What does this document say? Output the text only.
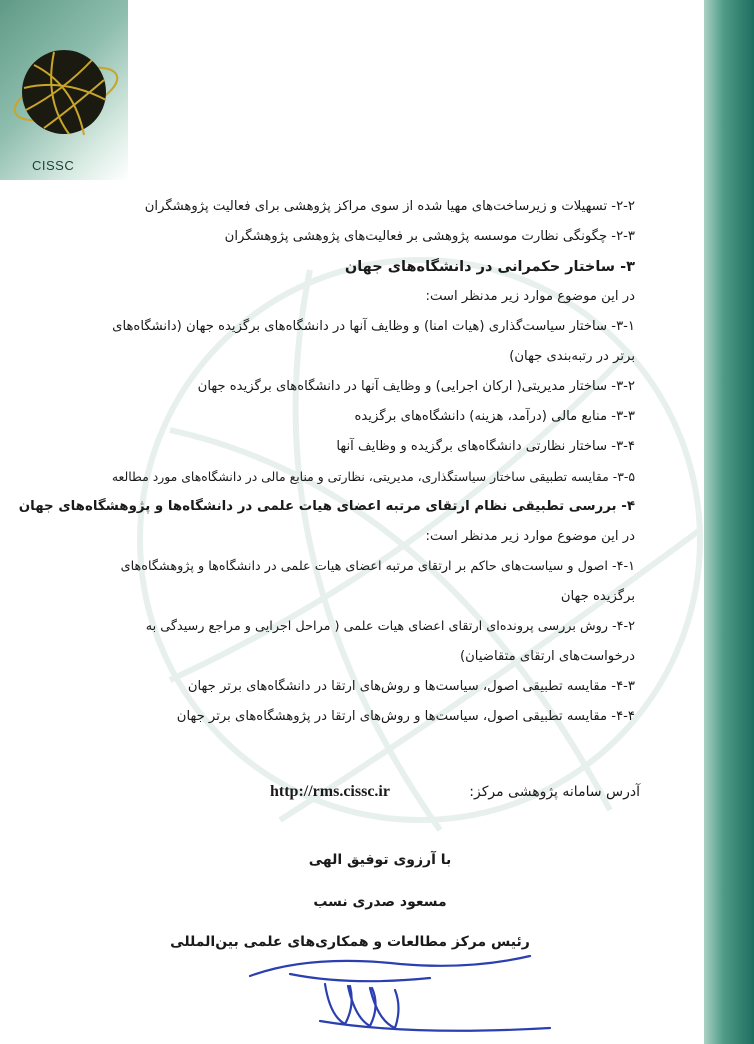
CISSC
۲-۲- تسهیلات و زیرساخت‌های مهیا شده از سوی مراکز پژوهشی برای فعالیت پژوهشگران
۲-۳- چگونگی نظارت موسسه پژوهشی بر فعالیت‌های پژوهشی پژوهشگران
۳- ساختار حکمرانی در دانشگاه‌های جهان
در این موضوع موارد زیر مدنظر است:
۳-۱- ساختار سیاست‌گذاری (هیات امنا) و وظایف آنها در دانشگاه‌های برگزیده جهان (دانشگاه‌های
برتر در رتبه‌بندی جهان)
۳-۲- ساختار مدیریتی( ارکان اجرایی) و وظایف آنها در دانشگاه‌های برگزیده جهان
۳-۳- منابع مالی (درآمد، هزینه) دانشگاه‌های برگزیده
۳-۴- ساختار نظارتی دانشگاه‌های برگزیده و وظایف آنها
۳-۵- مقایسه تطبیقی ساختار سیاستگذاری، مدیریتی، نظارتی و منابع مالی در دانشگاه‌های مورد مطالعه
۴- بررسی تطبیقی نظام ارتقای مرتبه اعضای هیات علمی در دانشگاه‌ها و پژوهشگاه‌های جهان
در این موضوع موارد زیر مدنظر است:
۴-۱- اصول و سیاست‌های حاکم بر ارتقای مرتبه اعضای هیات علمی در دانشگاه‌ها و پژوهشگاه‌های
برگزیده جهان
۴-۲- روش بررسی پرونده‌ای ارتقای اعضای هیات علمی ( مراحل اجرایی و مراجع رسیدگی به
درخواست‌های ارتقای متقاضیان)
۴-۳- مقایسه تطبیقی اصول، سیاست‌ها و روش‌های ارتقا در دانشگاه‌های برتر جهان
۴-۴- مقایسه تطبیقی اصول، سیاست‌ها و روش‌های ارتقا در پژوهشگاه‌های برتر جهان
آدرس سامانه پژوهشی مرکز:
http://rms.cissc.ir
با آرزوی توفیق الهی
مسعود صدری نسب
رئیس مرکز مطالعات و همکاری‌های علمی بین‌المللی
